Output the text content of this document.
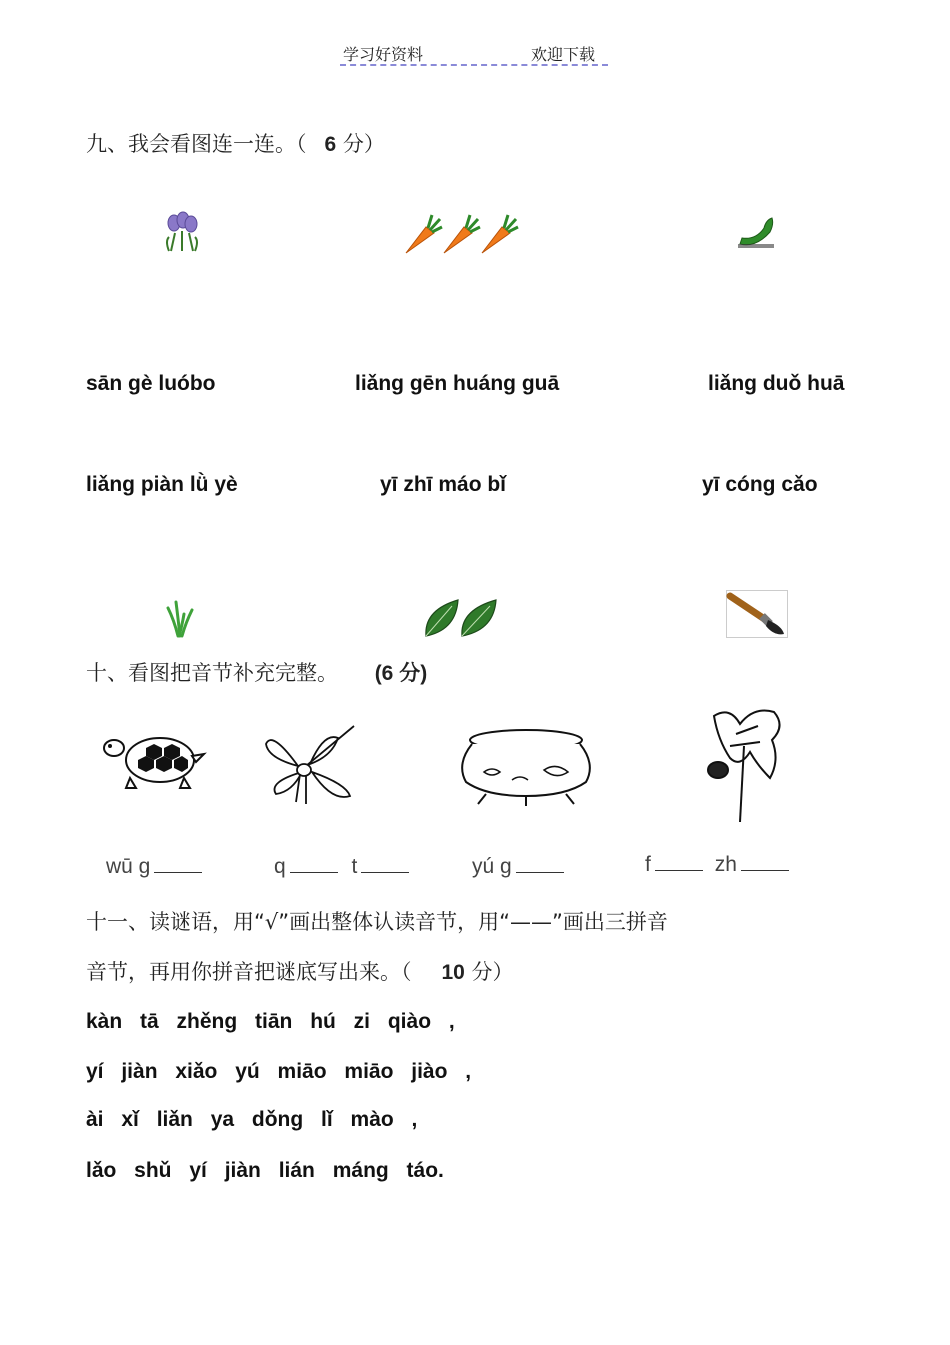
学习好资料	欢迎下载
九、我会看图连一连。（ 6 分）
sān gè luóbo	liǎng gēn huáng guā	liǎng duǒ huā
liǎng piàn lǜ yè	yī zhī máo bǐ	yī cóng cǎo
十、看图把音节补充完整。 (6 分)
wū g	q	t	yú g	f	zh
十一、读谜语，用“√”画出整体认读音节，用“——”画出三拼音
音节，再用你拼音把谜底写出来。（ 10 分）
kàn tā zhěng tiān hú zi qiào ,
yí jiàn xiǎo yú miāo miāo jiào ,
ài xǐ liǎn ya dǒng lǐ mào ,
lǎo shǔ yí jiàn lián máng táo.
